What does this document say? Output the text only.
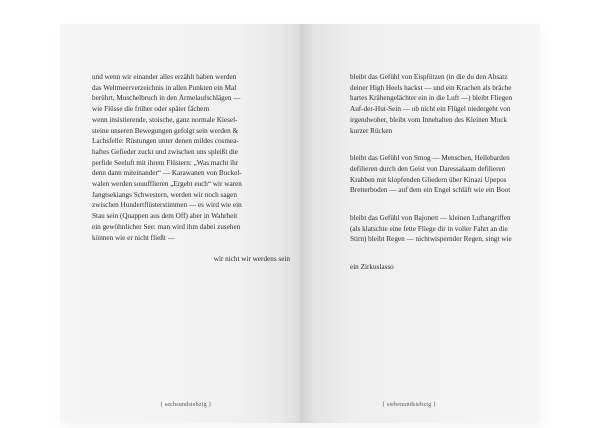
und wenn wir einander alles erzählt haben werden
das Weltmeerverzeichnis in allen Punkten ein Mal
berührt, Muschelbruch in den Ärmelaufschlägen —
wie Flüsse die früher oder später fächern
wenn insistierende, stoische, ganz normale Kiesel-
steine unseren Bewegungen gefolgt sein werden &
Lachsfelle: Rüstungen unter denen mildes cosmea-
haftes Gefieder zuckt und zwischen uns spleißt die
perfide Seeluft mit ihrem Flüstern: „Was macht ihr
denn dann miteinander“ — Karawanen von Buckel-
walen werden souufflieren „Ergebt euch“ wir waren
Jangtsekiangs Schwestern, werden wir noch sagen
zwischen Hundertflüsterstimmen — es wird wie ein
Stau sein (Quappen aus dem Off) aber in Wahrheit
ein gewöhnlicher See: man wird ihm dabei zusehen
können wie er nicht fließt —
wir nicht wir werdens sein
{ sechsundsiebzig }
bleibt das Gefühl von Eispfützen (in die du den Absatz
deiner High Heels hackst — und ein Krachen als bräche
hartes Krähengelächter ein in die Luft —) bleibt Fliegen
Auf-der-Hut-Sein — ob nicht ein Flügel niedergeht von
irgendwoher, bleibt vom Innehalten des Kleinen Muck
kurzer Rücken
bleibt das Gefühl von Smog — Menschen, Hellebarden
defilieren durch den Geist von Daressalaam defilieren
Krabben mit klopfenden Gliedern über Kinazi Upepos
Bretterboden — auf dem ein Engel schläft wie ein Boot
bleibt das Gefühl von Bajonett — kleinen Luftangriffen
(als klatschte eine fette Fliege dir in voller Fahrt an die
Stirn) bleibt Regen — nichtwispernder Regen, singt wie
ein Zirkuslasso
{ siebenundsiebzig }
